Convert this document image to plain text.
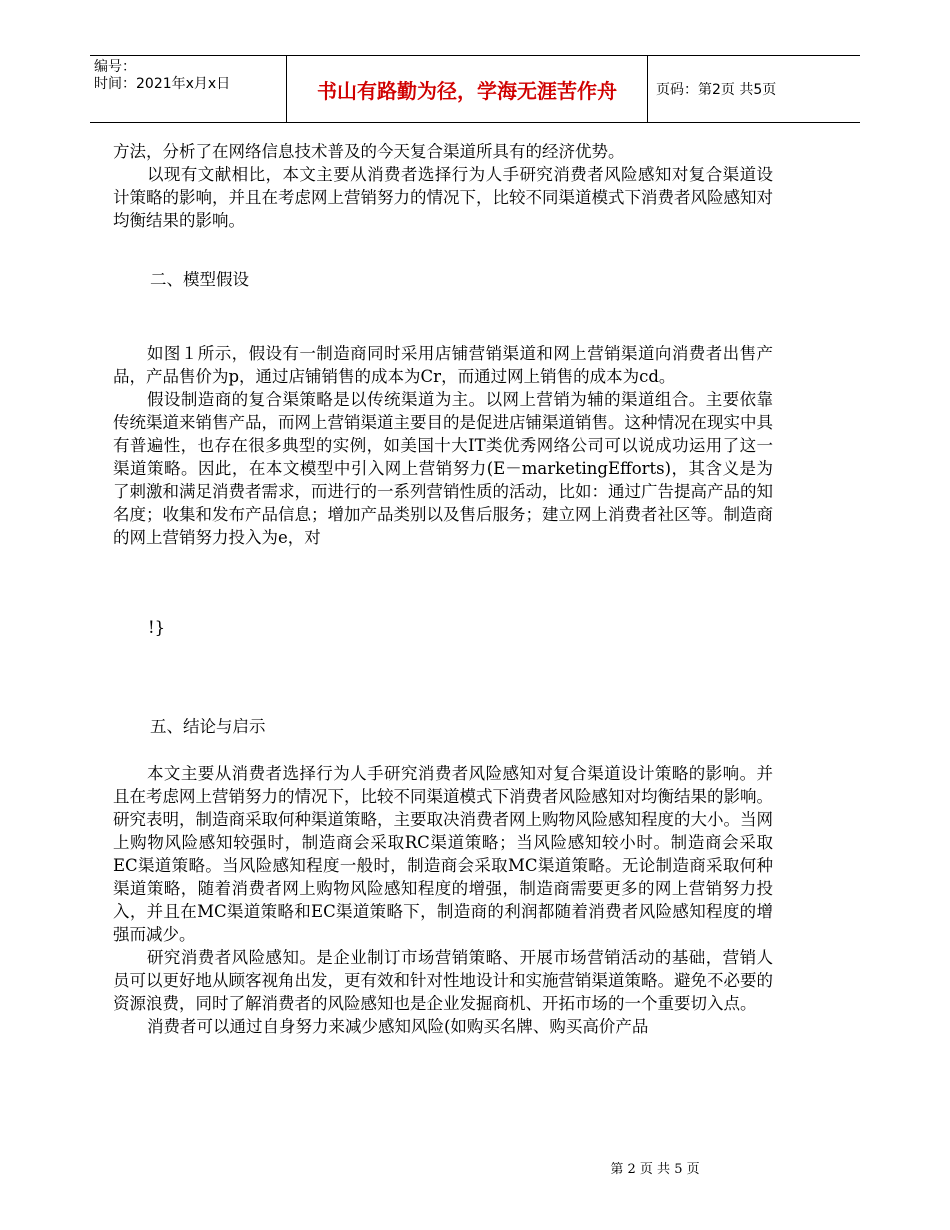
编号：
时间：2021年x月x日	书山有路勤为径，学海无涯苦作舟	页码：第2页 共5页

方法，分析了在网络信息技术普及的今天复合渠道所具有的经济优势。

以现有文献相比，本文主要从消费者选择行为人手研究消费者风险感知对复合渠道设计策略的影响，并且在考虑网上营销努力的情况下，比较不同渠道模式下消费者风险感知对均衡结果的影响。

二、模型假设

如图１所示，假设有一制造商同时采用店铺营销渠道和网上营销渠道向消费者出售产品，产品售价为p，通过店铺销售的成本为Cr，而通过网上销售的成本为cd。

假设制造商的复合渠策略是以传统渠道为主。以网上营销为辅的渠道组合。主要依靠传统渠道来销售产品，而网上营销渠道主要目的是促进店铺渠道销售。这种情况在现实中具有普遍性，也存在很多典型的实例，如美国十大IT类优秀网络公司可以说成功运用了这一渠道策略。因此，在本文模型中引入网上营销努力(E－marketingEfforts)，其含义是为了刺激和满足消费者需求，而进行的一系列营销性质的活动，比如：通过广告提高产品的知名度；收集和发布产品信息；增加产品类别以及售后服务；建立网上消费者社区等。制造商的网上营销努力投入为e，对

!}
五、结论与启示

本文主要从消费者选择行为人手研究消费者风险感知对复合渠道设计策略的影响。并且在考虑网上营销努力的情况下，比较不同渠道模式下消费者风险感知对均衡结果的影响。研究表明，制造商采取何种渠道策略，主要取决消费者网上购物风险感知程度的大小。当网上购物风险感知较强时，制造商会采取RC渠道策略；当风险感知较小时。制造商会采取EC渠道策略。当风险感知程度一般时，制造商会采取MC渠道策略。无论制造商采取何种渠道策略，随着消费者网上购物风险感知程度的增强，制造商需要更多的网上营销努力投入，并且在MC渠道策略和EC渠道策略下，制造商的利润都随着消费者风险感知程度的增强而减少。

研究消费者风险感知。是企业制订市场营销策略、开展市场营销活动的基础，营销人员可以更好地从顾客视角出发，更有效和针对性地设计和实施营销渠道策略。避免不必要的资源浪费，同时了解消费者的风险感知也是企业发掘商机、开拓市场的一个重要切入点。

消费者可以通过自身努力来减少感知风险(如购买名牌、购买高价产品

第 2 页 共 5 页
